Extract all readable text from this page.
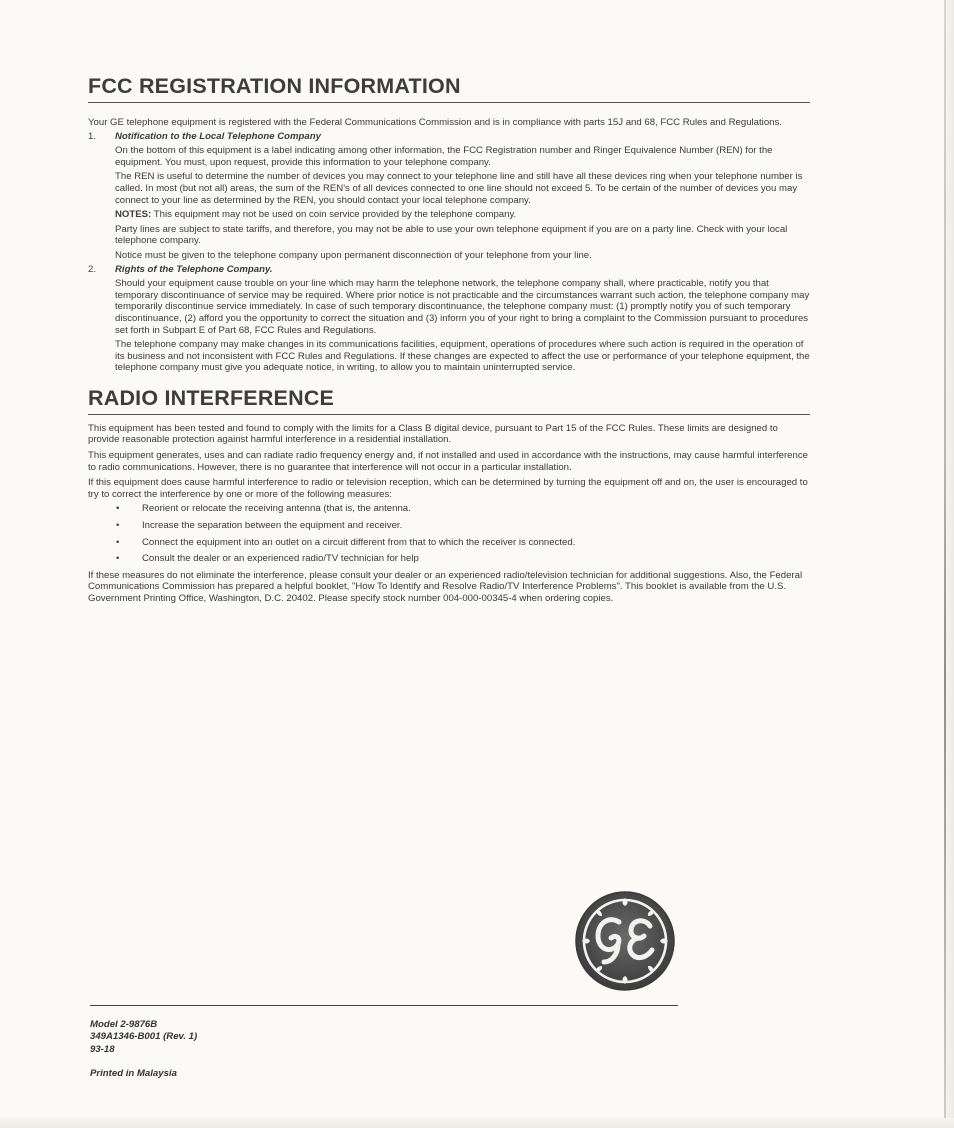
FCC REGISTRATION INFORMATION

Your GE telephone equipment is registered with the Federal Communications Commission and is in compliance with parts 15J and 68, FCC Rules and Regulations.

1.	Notification to the Local Telephone Company

On the bottom of this equipment is a label indicating among other information, the FCC Registration number and Ringer Equivalence Number (REN) for the equipment. You must, upon request, provide this information to your telephone company.

The REN is useful to determine the number of devices you may connect to your telephone line and still have all these devices ring when your telephone number is called. In most (but not all) areas, the sum of the REN's of all devices connected to one line should not exceed 5. To be certain of the number of devices you may connect to your line as determined by the REN, you should contact your local telephone company.

NOTES: This equipment may not be used on coin service provided by the telephone company.

Party lines are subject to state tariffs, and therefore, you may not be able to use your own telephone equipment if you are on a party line. Check with your local telephone company.

Notice must be given to the telephone company upon permanent disconnection of your telephone from your line.

2.	Rights of the Telephone Company.

Should your equipment cause trouble on your line which may harm the telephone network, the telephone company shall, where practicable, notify you that temporary discontinuance of service may be required. Where prior notice is not practicable and the circumstances warrant such action, the telephone company may temporarily discontinue service immediately. In case of such temporary discontinuance, the telephone company must: (1) promptly notify you of such temporary discontinuance, (2) afford you the opportunity to correct the situation and (3) inform you of your right to bring a complaint to the Commission pursuant to procedures set forth in Subpart E of Part 68, FCC Rules and Regulations.

The telephone company may make changes in its communications facilities, equipment, operations of procedures where such action is required in the operation of its business and not inconsistent with FCC Rules and Regulations. If these changes are expected to affect the use or performance of your telephone equipment, the telephone company must give you adequate notice, in writing, to allow you to maintain uninterrupted service.

RADIO INTERFERENCE

This equipment has been tested and found to comply with the limits for a Class B digital device, pursuant to Part 15 of the FCC Rules. These limits are designed to provide reasonable protection against harmful interference in a residential installation.

This equipment generates, uses and can radiate radio frequency energy and, if not installed and used in accordance with the instructions, may cause harmful interference to radio communications. However, there is no guarantee that interference will not occur in a particular installation.

If this equipment does cause harmful interference to radio or television reception, which can be determined by turning the equipment off and on, the user is encouraged to try to correct the interference by one or more of the following measures:

•	Reorient or relocate the receiving antenna (that is, the antenna.
•	Increase the separation between the equipment and receiver.
•	Connect the equipment into an outlet on a circuit different from that to which the receiver is connected.
•	Consult the dealer or an experienced radio/TV technician for help

If these measures do not eliminate the interference, please consult your dealer or an experienced radio/television technician for additional suggestions. Also, the Federal Communications Commission has prepared a helpful booklet, "How To Identify and Resolve Radio/TV Interference Problems". This booklet is available from the U.S. Government Printing Office, Washington, D.C. 20402. Please specify stock number 004-000-00345-4 when ordering copies.

GE
Model 2-9876B
349A1346-B001 (Rev. 1)
93-18
Printed in Malaysia
